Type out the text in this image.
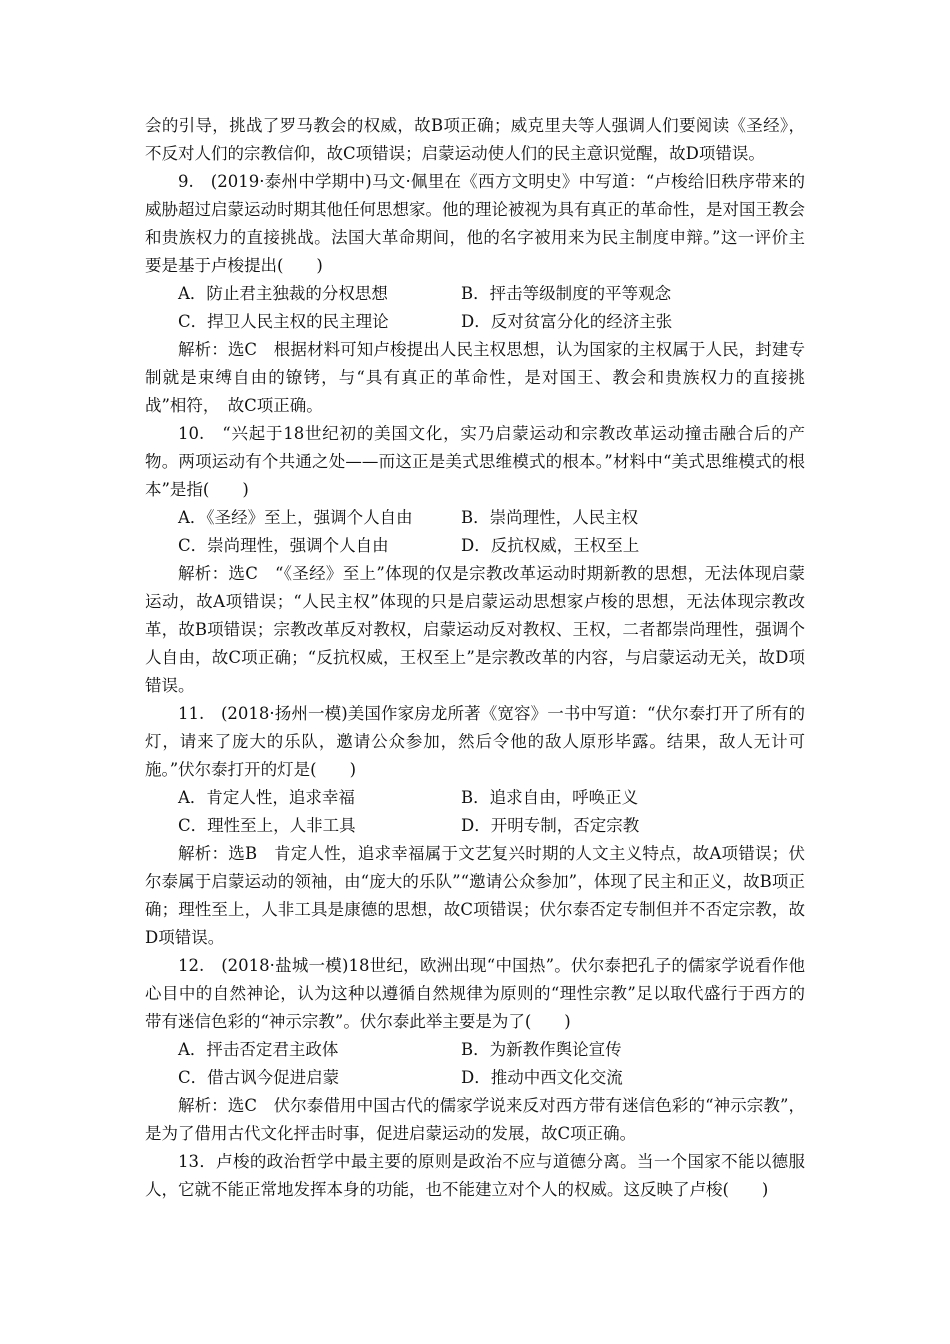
会的引导，挑战了罗马教会的权威，故B项正确；威克里夫等人强调人们要阅读《圣经》，不反对人们的宗教信仰，故C项错误；启蒙运动使人们的民主意识觉醒，故D项错误。

9.　(2019·泰州中学期中)马文·佩里在《西方文明史》中写道：“卢梭给旧秩序带来的威胁超过启蒙运动时期其他任何思想家。他的理论被视为具有真正的革命性，是对国王教会和贵族权力的直接挑战。法国大革命期间，他的名字被用来为民主制度申辩。”这一评价主要是基于卢梭提出(　　)

A．防止君主独裁的分权思想	B．抨击等级制度的平等观念
C．捍卫人民主权的民主理论	D．反对贫富分化的经济主张

解析：选C　根据材料可知卢梭提出人民主权思想，认为国家的主权属于人民，封建专制就是束缚自由的镣铐，与“具有真正的革命性，是对国王、教会和贵族权力的直接挑战”相符，　故C项正确。

10.　“兴起于18世纪初的美国文化，实乃启蒙运动和宗教改革运动撞击融合后的产物。两项运动有个共通之处——而这正是美式思维模式的根本。”材料中“美式思维模式的根本”是指(　　)

A．《圣经》至上，强调个人自由	B．崇尚理性，人民主权
C．崇尚理性，强调个人自由	D．反抗权威，王权至上

解析：选C　“《圣经》至上”体现的仅是宗教改革运动时期新教的思想，无法体现启蒙运动，故A项错误；“人民主权”体现的只是启蒙运动思想家卢梭的思想，无法体现宗教改革，故B项错误；宗教改革反对教权，启蒙运动反对教权、王权，二者都崇尚理性，强调个人自由，故C项正确；“反抗权威，王权至上”是宗教改革的内容，与启蒙运动无关，故D项错误。

11.　(2018·扬州一模)美国作家房龙所著《宽容》一书中写道：“伏尔泰打开了所有的灯，请来了庞大的乐队，邀请公众参加，然后令他的敌人原形毕露。结果，敌人无计可施。”伏尔泰打开的灯是(　　)

A．肯定人性，追求幸福	B．追求自由，呼唤正义
C．理性至上，人非工具	D．开明专制，否定宗教

解析：选B　肯定人性，追求幸福属于文艺复兴时期的人文主义特点，故A项错误；伏尔泰属于启蒙运动的领袖，由“庞大的乐队”“邀请公众参加”，体现了民主和正义，故B项正确；理性至上，人非工具是康德的思想，故C项错误；伏尔泰否定专制但并不否定宗教，故D项错误。

12.　(2018·盐城一模)18世纪，欧洲出现“中国热”。伏尔泰把孔子的儒家学说看作他心目中的自然神论，认为这种以遵循自然规律为原则的“理性宗教”足以取代盛行于西方的带有迷信色彩的“神示宗教”。伏尔泰此举主要是为了(　　)

A．抨击否定君主政体	B．为新教作舆论宣传
C．借古讽今促进启蒙	D．推动中西文化交流

解析：选C　伏尔泰借用中国古代的儒家学说来反对西方带有迷信色彩的“神示宗教”，是为了借用古代文化抨击时事，促进启蒙运动的发展，故C项正确。

13．卢梭的政治哲学中最主要的原则是政治不应与道德分离。当一个国家不能以德服人，它就不能正常地发挥本身的功能，也不能建立对个人的权威。这反映了卢梭(　　)
